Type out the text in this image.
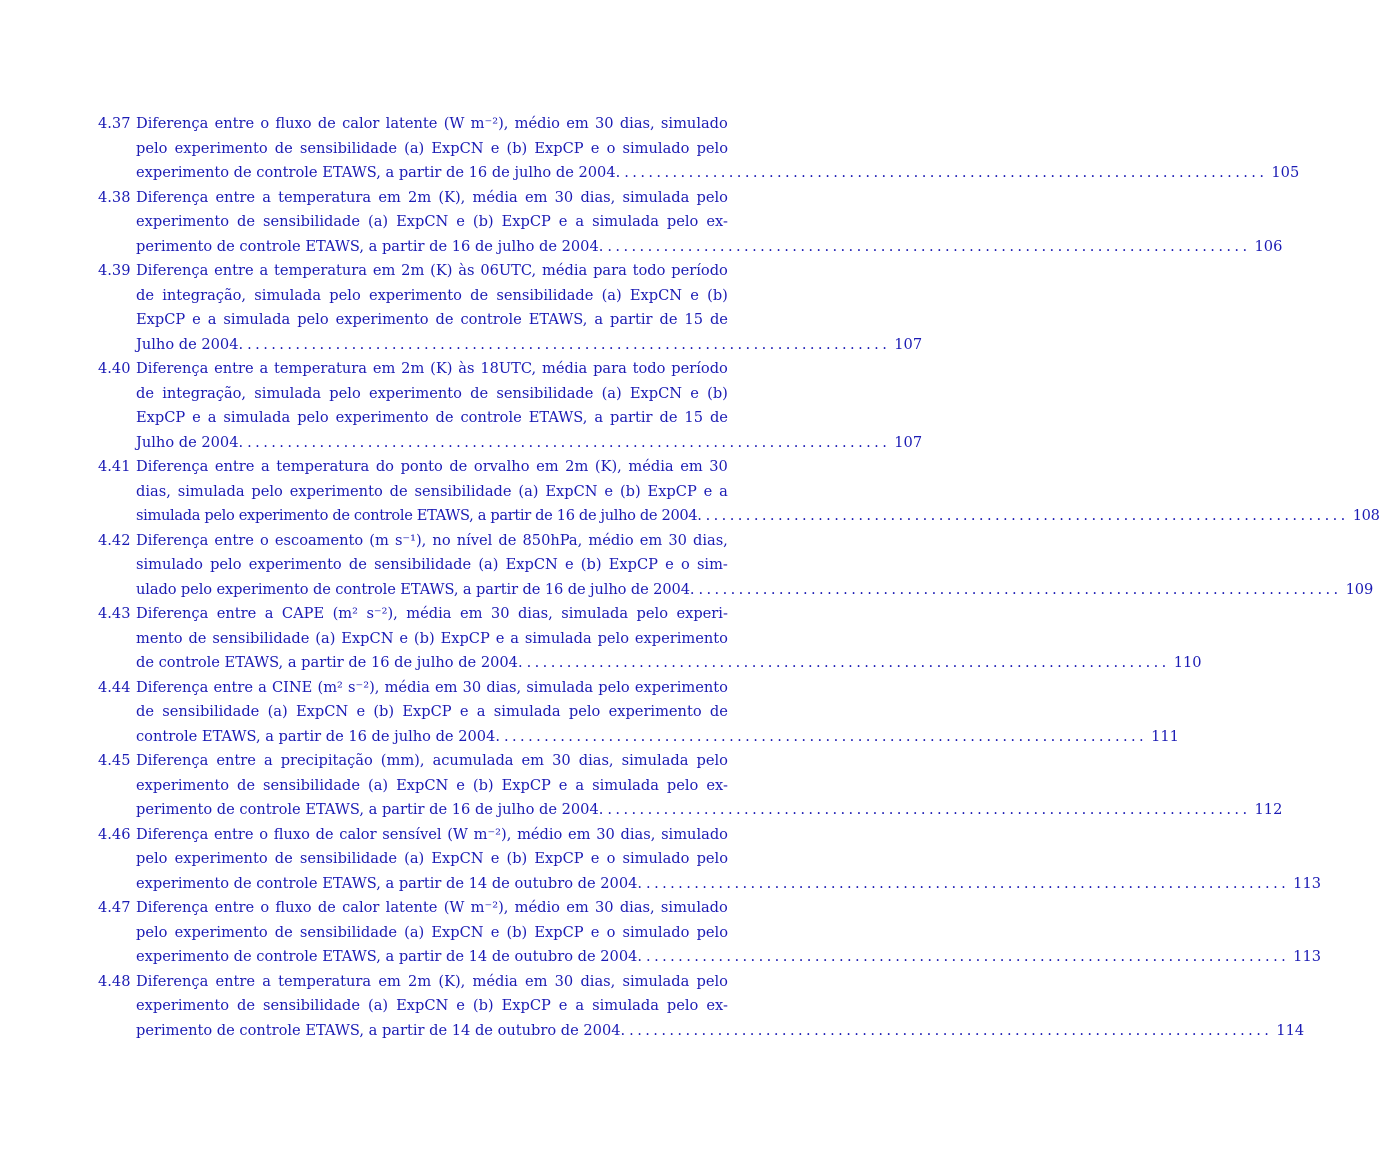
4.37 Diferença entre o fluxo de calor latente (W m⁻²), médio em 30 dias, simulado
pelo experimento de sensibilidade (a) ExpCN e (b) ExpCP e o simulado pelo
experimento de controle ETAWS, a partir de 16 de julho de 2004. ................................................................................ 105
4.38 Diferença entre a temperatura em 2m (K), média em 30 dias, simulada pelo
experimento de sensibilidade (a) ExpCN e (b) ExpCP e a simulada pelo ex-
perimento de controle ETAWS, a partir de 16 de julho de 2004. ................................................................................ 106
4.39 Diferença entre a temperatura em 2m (K) às 06UTC, média para todo período
de integração, simulada pelo experimento de sensibilidade (a) ExpCN e (b)
ExpCP e a simulada pelo experimento de controle ETAWS, a partir de 15 de
Julho de 2004. ................................................................................ 107
4.40 Diferença entre a temperatura em 2m (K) às 18UTC, média para todo período
de integração, simulada pelo experimento de sensibilidade (a) ExpCN e (b)
ExpCP e a simulada pelo experimento de controle ETAWS, a partir de 15 de
Julho de 2004. ................................................................................ 107
4.41 Diferença entre a temperatura do ponto de orvalho em 2m (K), média em 30
dias, simulada pelo experimento de sensibilidade (a) ExpCN e (b) ExpCP e a
simulada pelo experimento de controle ETAWS, a partir de 16 de julho de 2004. ................................................................................ 108
4.42 Diferença entre o escoamento (m s⁻¹), no nível de 850hPa, médio em 30 dias,
simulado pelo experimento de sensibilidade (a) ExpCN e (b) ExpCP e o sim-
ulado pelo experimento de controle ETAWS, a partir de 16 de julho de 2004. ................................................................................ 109
4.43 Diferença entre a CAPE (m² s⁻²), média em 30 dias, simulada pelo experi-
mento de sensibilidade (a) ExpCN e (b) ExpCP e a simulada pelo experimento
de controle ETAWS, a partir de 16 de julho de 2004. ................................................................................ 110
4.44 Diferença entre a CINE (m² s⁻²), média em 30 dias, simulada pelo experimento
de sensibilidade (a) ExpCN e (b) ExpCP e a simulada pelo experimento de
controle ETAWS, a partir de 16 de julho de 2004. ................................................................................ 111
4.45 Diferença entre a precipitação (mm), acumulada em 30 dias, simulada pelo
experimento de sensibilidade (a) ExpCN e (b) ExpCP e a simulada pelo ex-
perimento de controle ETAWS, a partir de 16 de julho de 2004. ................................................................................ 112
4.46 Diferença entre o fluxo de calor sensível (W m⁻²), médio em 30 dias, simulado
pelo experimento de sensibilidade (a) ExpCN e (b) ExpCP e o simulado pelo
experimento de controle ETAWS, a partir de 14 de outubro de 2004. ................................................................................ 113
4.47 Diferença entre o fluxo de calor latente (W m⁻²), médio em 30 dias, simulado
pelo experimento de sensibilidade (a) ExpCN e (b) ExpCP e o simulado pelo
experimento de controle ETAWS, a partir de 14 de outubro de 2004. ................................................................................ 113
4.48 Diferença entre a temperatura em 2m (K), média em 30 dias, simulada pelo
experimento de sensibilidade (a) ExpCN e (b) ExpCP e a simulada pelo ex-
perimento de controle ETAWS, a partir de 14 de outubro de 2004. ................................................................................ 114
